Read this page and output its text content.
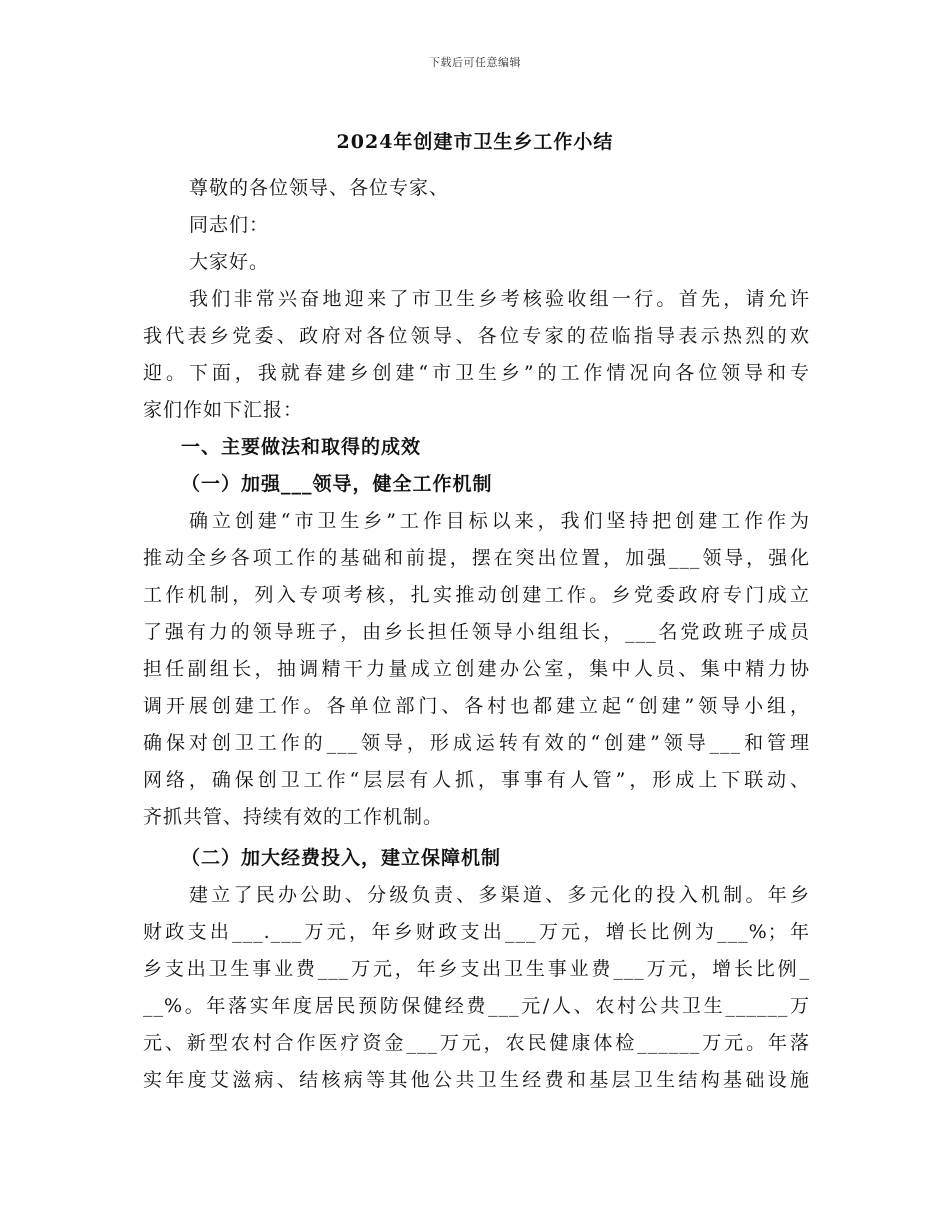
下载后可任意编辑
2024年创建市卫生乡工作小结
尊敬的各位领导、各位专家、
同志们：
大家好。
我们非常兴奋地迎来了市卫生乡考核验收组一行。首先，请允许
我代表乡党委、政府对各位领导、各位专家的莅临指导表示热烈的欢
迎。下面，我就春建乡创建“市卫生乡”的工作情况向各位领导和专
家们作如下汇报：
一、主要做法和取得的成效
（一）加强___领导，健全工作机制
确立创建“市卫生乡”工作目标以来，我们坚持把创建工作作为
推动全乡各项工作的基础和前提，摆在突出位置，加强___领导，强化
工作机制，列入专项考核，扎实推动创建工作。乡党委政府专门成立
了强有力的领导班子，由乡长担任领导小组组长，___名党政班子成员
担任副组长，抽调精干力量成立创建办公室，集中人员、集中精力协
调开展创建工作。各单位部门、各村也都建立起“创建”领导小组，
确保对创卫工作的___领导，形成运转有效的“创建”领导___和管理
网络，确保创卫工作“层层有人抓，事事有人管”，形成上下联动、
齐抓共管、持续有效的工作机制。
（二）加大经费投入，建立保障机制
建立了民办公助、分级负责、多渠道、多元化的投入机制。年乡
财政支出___.___万元，年乡财政支出___万元，增长比例为___%；年
乡支出卫生事业费___万元，年乡支出卫生事业费___万元，增长比例_
__%。年落实年度居民预防保健经费___元/人、农村公共卫生______万
元、新型农村合作医疗资金___万元，农民健康体检______万元。年落
实年度艾滋病、结核病等其他公共卫生经费和基层卫生结构基础设施
